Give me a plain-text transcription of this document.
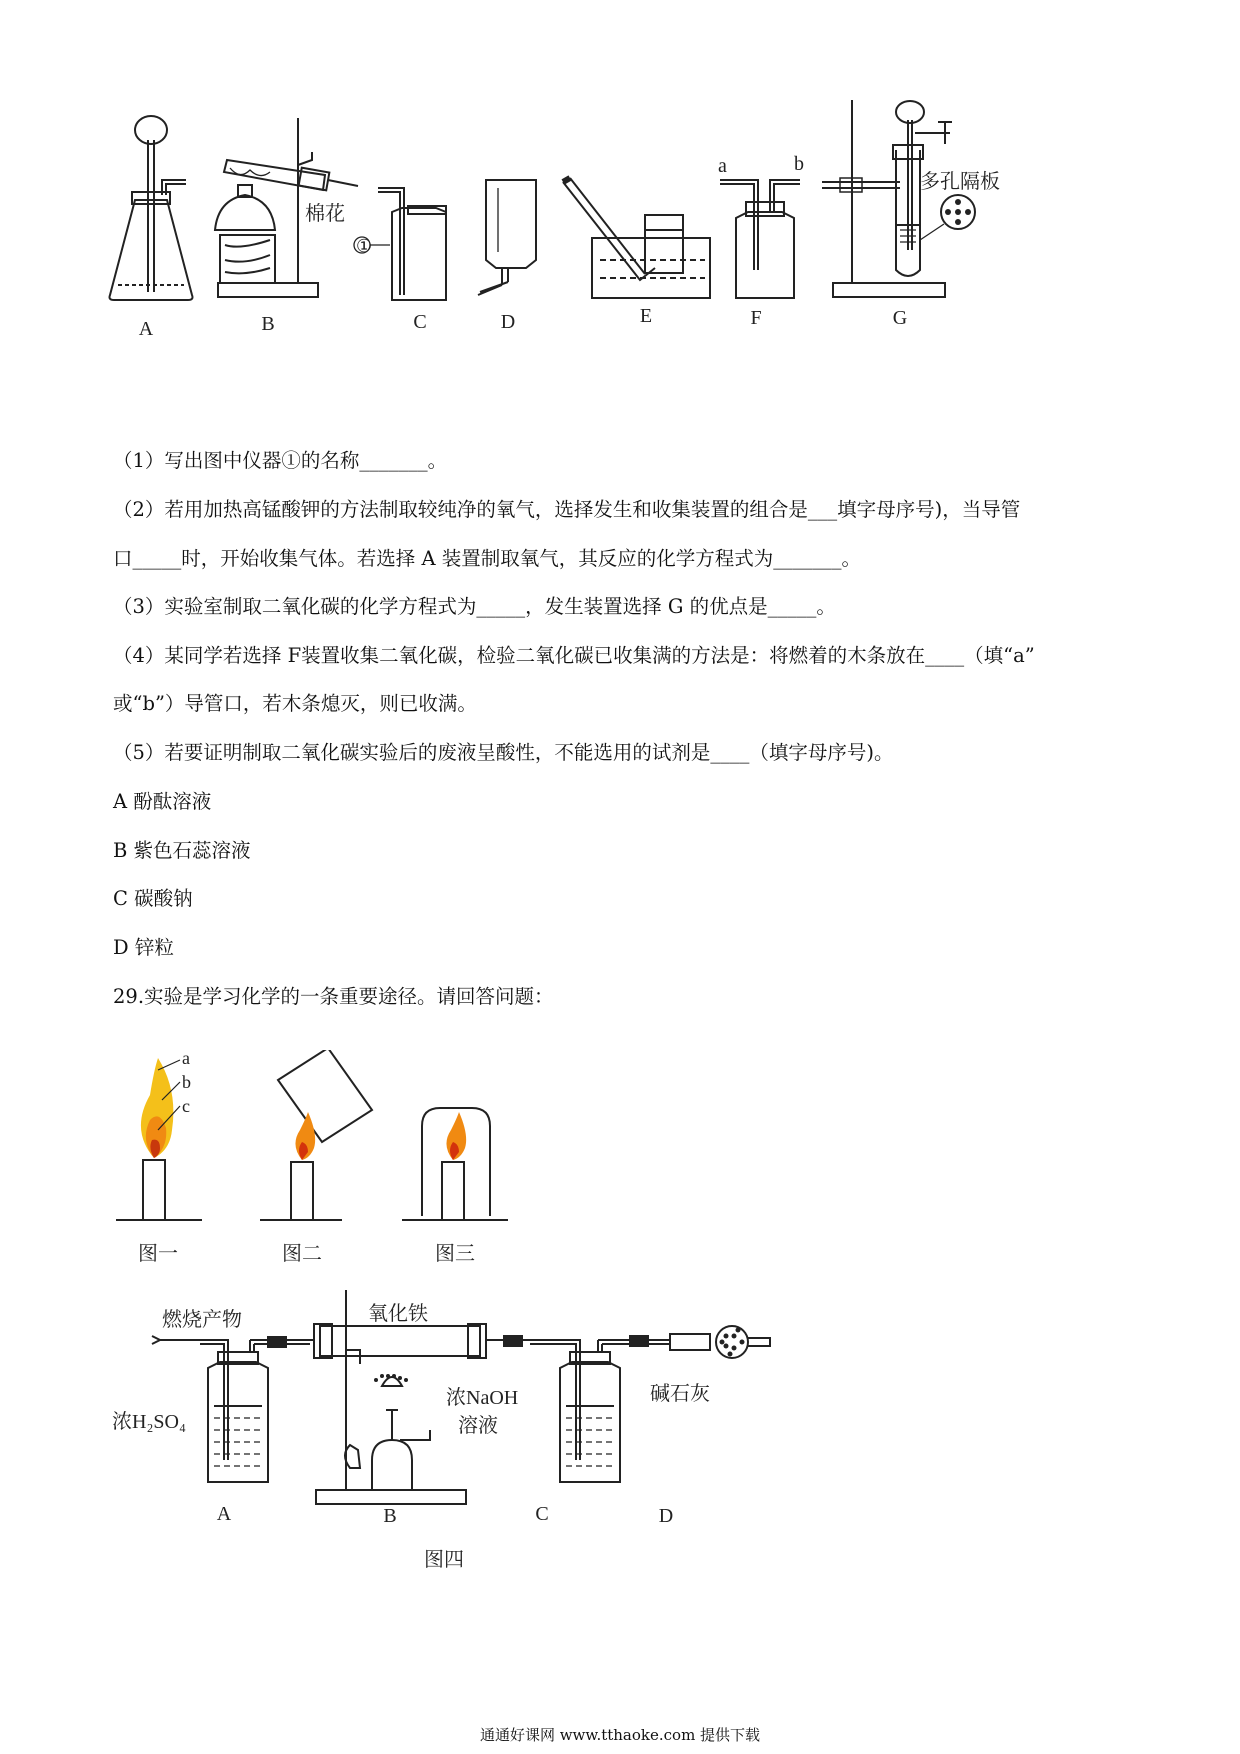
棉花
①
a	b
多孔隔板
A	B	C	D	E	F	G
（1）写出图中仪器①的名称_______。
（2）若用加热高锰酸钾的方法制取较纯净的氧气，选择发生和收集装置的组合是___填字母序号)，当导管
口_____时，开始收集气体。若选择 A 装置制取氧气，其反应的化学方程式为_______。
（3）实验室制取二氧化碳的化学方程式为_____，发生装置选择 G 的优点是_____。
（4）某同学若选择 F装置收集二氧化碳，检验二氧化碳已收集满的方法是：将燃着的木条放在____（填“a”
或“b”）导管口，若木条熄灭，则已收满。
（5）若要证明制取二氧化碳实验后的废液呈酸性，不能选用的试剂是____（填字母序号)。
A 酚酞溶液
B 紫色石蕊溶液
C 碳酸钠
D 锌粒
29.实验是学习化学的一条重要途径。请回答问题：
a
b
c
图一	图二	图三
燃烧产物	氧化铁
浓NaOH
溶液
碱石灰
浓H₂SO₄
A	B	C	D
图四
通通好课网 www.tthaoke.com 提供下载
